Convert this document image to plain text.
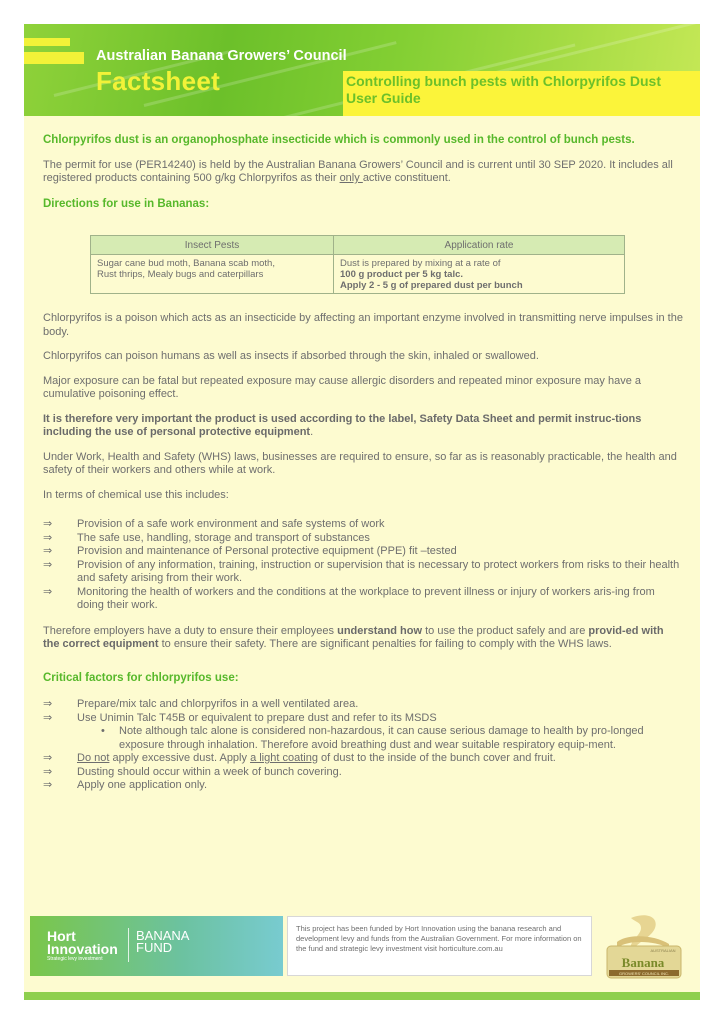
Australian Banana Growers’ Council
Factsheet	Controlling bunch pests with Chlorpyrifos Dust
User Guide

Chlorpyrifos dust is an organophosphate insecticide which is commonly used in the control of bunch pests.

The permit for use (PER14240) is held by the Australian Banana Growers’ Council and is current until 30 SEP 2020. It includes all registered products containing 500 g/kg Chlorpyrifos as their only active constituent.

Directions for use in Bananas:

Insect Pests	Application rate
Sugar cane bud moth, Banana scab moth,
Rust thrips, Mealy bugs and caterpillars	Dust is prepared by mixing at a rate of
100 g product per 5 kg talc.
Apply 2 - 5 g of prepared dust per bunch

Chlorpyrifos is a poison which acts as an insecticide by affecting an important enzyme involved in transmitting nerve impulses in the body.

Chlorpyrifos can poison humans as well as insects if absorbed through the skin, inhaled or swallowed.

Major exposure can be fatal but repeated exposure may cause allergic disorders and repeated minor exposure may have a cumulative poisoning effect.

It is therefore very important the product is used according to the label, Safety Data Sheet and permit instruc-tions including the use of personal protective equipment.

Under Work, Health and Safety (WHS) laws, businesses are required to ensure, so far as is reasonably practicable, the health and safety of their workers and others while at work.

In terms of chemical use this includes:

⇒ Provision of a safe work environment and safe systems of work
⇒ The safe use, handling, storage and transport of substances
⇒ Provision and maintenance of Personal protective equipment (PPE) fit –tested
⇒ Provision of any information, training, instruction or supervision that is necessary to protect workers from risks to their health and safety arising from their work.
⇒ Monitoring the health of workers and the conditions at the workplace to prevent illness or injury of workers aris-ing from doing their work.

Therefore employers have a duty to ensure their employees understand how to use the product safely and are provid-ed with the correct equipment to ensure their safety. There are significant penalties for failing to comply with the WHS laws.

Critical factors for chlorpyrifos use:

⇒ Prepare/mix talc and chlorpyrifos in a well ventilated area.
⇒ Use Unimin Talc T45B or equivalent to prepare dust and refer to its MSDS
• Note although talc alone is considered non-hazardous, it can cause serious damage to health by pro-longed exposure through inhalation. Therefore avoid breathing dust and wear suitable respiratory equip-ment.
⇒ Do not apply excessive dust. Apply a light coating of dust to the inside of the bunch cover and fruit.
⇒ Dusting should occur within a week of bunch covering.
⇒ Apply one application only.
Hort
Innovation
Strategic levy investment
BANANA
FUND
This project has been funded by Hort Innovation using the banana research and development levy and funds from the Australian Government. For more information on the fund and strategic levy investment visit horticulture.com.au	AUSTRALIAN
Banana
GROWERS' COUNCIL INC.
